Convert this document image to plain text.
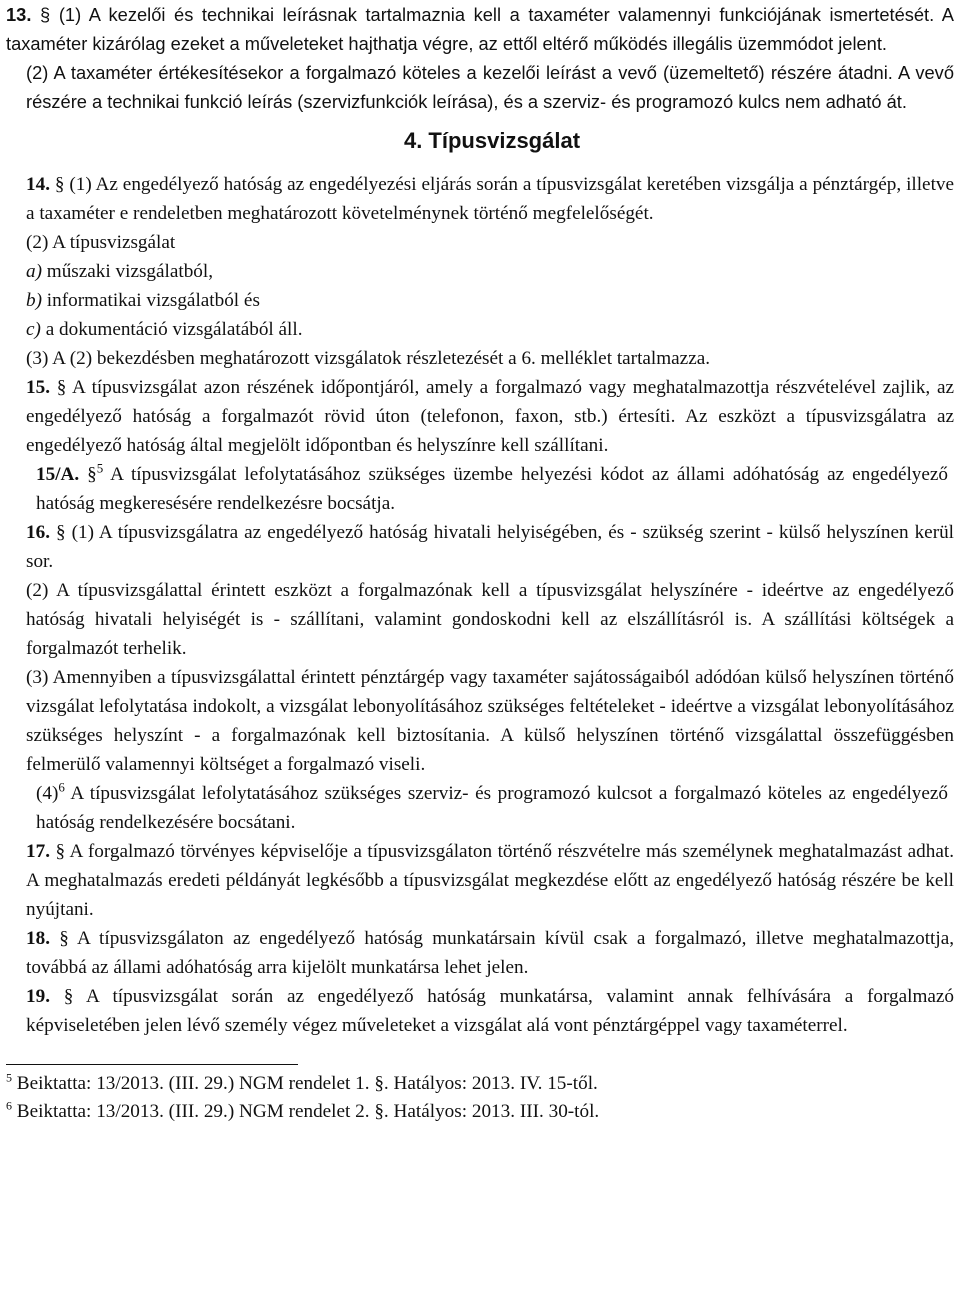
13. § (1) A kezelői és technikai leírásnak tartalmaznia kell a taxaméter valamennyi funkciójának ismertetését. A taxaméter kizárólag ezeket a műveleteket hajthatja végre, az ettől eltérő működés illegális üzemmódot jelent.

(2) A taxaméter értékesítésekor a forgalmazó köteles a kezelői leírást a vevő (üzemeltető) részére átadni. A vevő részére a technikai funkció leírás (szervizfunkciók leírása), és a szerviz- és programozó kulcs nem adható át.

4. Típusvizsgálat

14. § (1) Az engedélyező hatóság az engedélyezési eljárás során a típusvizsgálat keretében vizsgálja a pénztárgép, illetve a taxaméter e rendeletben meghatározott követelménynek történő megfelelőségét.

(2) A típusvizsgálat

a) műszaki vizsgálatból,

b) informatikai vizsgálatból és

c) a dokumentáció vizsgálatából áll.

(3) A (2) bekezdésben meghatározott vizsgálatok részletezését a 6. melléklet tartalmazza.

15. § A típusvizsgálat azon részének időpontjáról, amely a forgalmazó vagy meghatalmazottja részvételével zajlik, az engedélyező hatóság a forgalmazót rövid úton (telefonon, faxon, stb.) értesíti. Az eszközt a típusvizsgálatra az engedélyező hatóság által megjelölt időpontban és helyszínre kell szállítani.

15/A. §$^5$ A típusvizsgálat lefolytatásához szükséges üzembe helyezési kódot az állami adóhatóság az engedélyező hatóság megkeresésére rendelkezésre bocsátja.

16. § (1) A típusvizsgálatra az engedélyező hatóság hivatali helyiségében, és - szükség szerint - külső helyszínen kerül sor.

(2) A típusvizsgálattal érintett eszközt a forgalmazónak kell a típusvizsgálat helyszínére - ideértve az engedélyező hatóság hivatali helyiségét is - szállítani, valamint gondoskodni kell az elszállításról is. A szállítási költségek a forgalmazót terhelik.

(3) Amennyiben a típusvizsgálattal érintett pénztárgép vagy taxaméter sajátosságaiból adódóan külső helyszínen történő vizsgálat lefolytatása indokolt, a vizsgálat lebonyolításához szükséges feltételeket - ideértve a vizsgálat lebonyolításához szükséges helyszínt - a forgalmazónak kell biztosítania. A külső helyszínen történő vizsgálattal összefüggésben felmerülő valamennyi költséget a forgalmazó viseli.

$(4)^6$ A típusvizsgálat lefolytatásához szükséges szerviz- és programozó kulcsot a forgalmazó köteles az engedélyező hatóság rendelkezésére bocsátani.

17. § A forgalmazó törvényes képviselője a típusvizsgálaton történő részvételre más személynek meghatalmazást adhat. A meghatalmazás eredeti példányát legkésőbb a típusvizsgálat megkezdése előtt az engedélyező hatóság részére be kell nyújtani.

18. § A típusvizsgálaton az engedélyező hatóság munkatársain kívül csak a forgalmazó, illetve meghatalmazottja, továbbá az állami adóhatóság arra kijelölt munkatársa lehet jelen.

19. § A típusvizsgálat során az engedélyező hatóság munkatársa, valamint annak felhívására a forgalmazó képviseletében jelen lévő személy végez műveleteket a vizsgálat alá vont pénztárgéppel vagy taxaméterrel.

$^5$ Beiktatta: 13/2013. (III. 29.) NGM rendelet 1. §. Hatályos: 2013. IV. 15-től.

$^6$ Beiktatta: 13/2013. (III. 29.) NGM rendelet 2. §. Hatályos: 2013. III. 30-tól.
